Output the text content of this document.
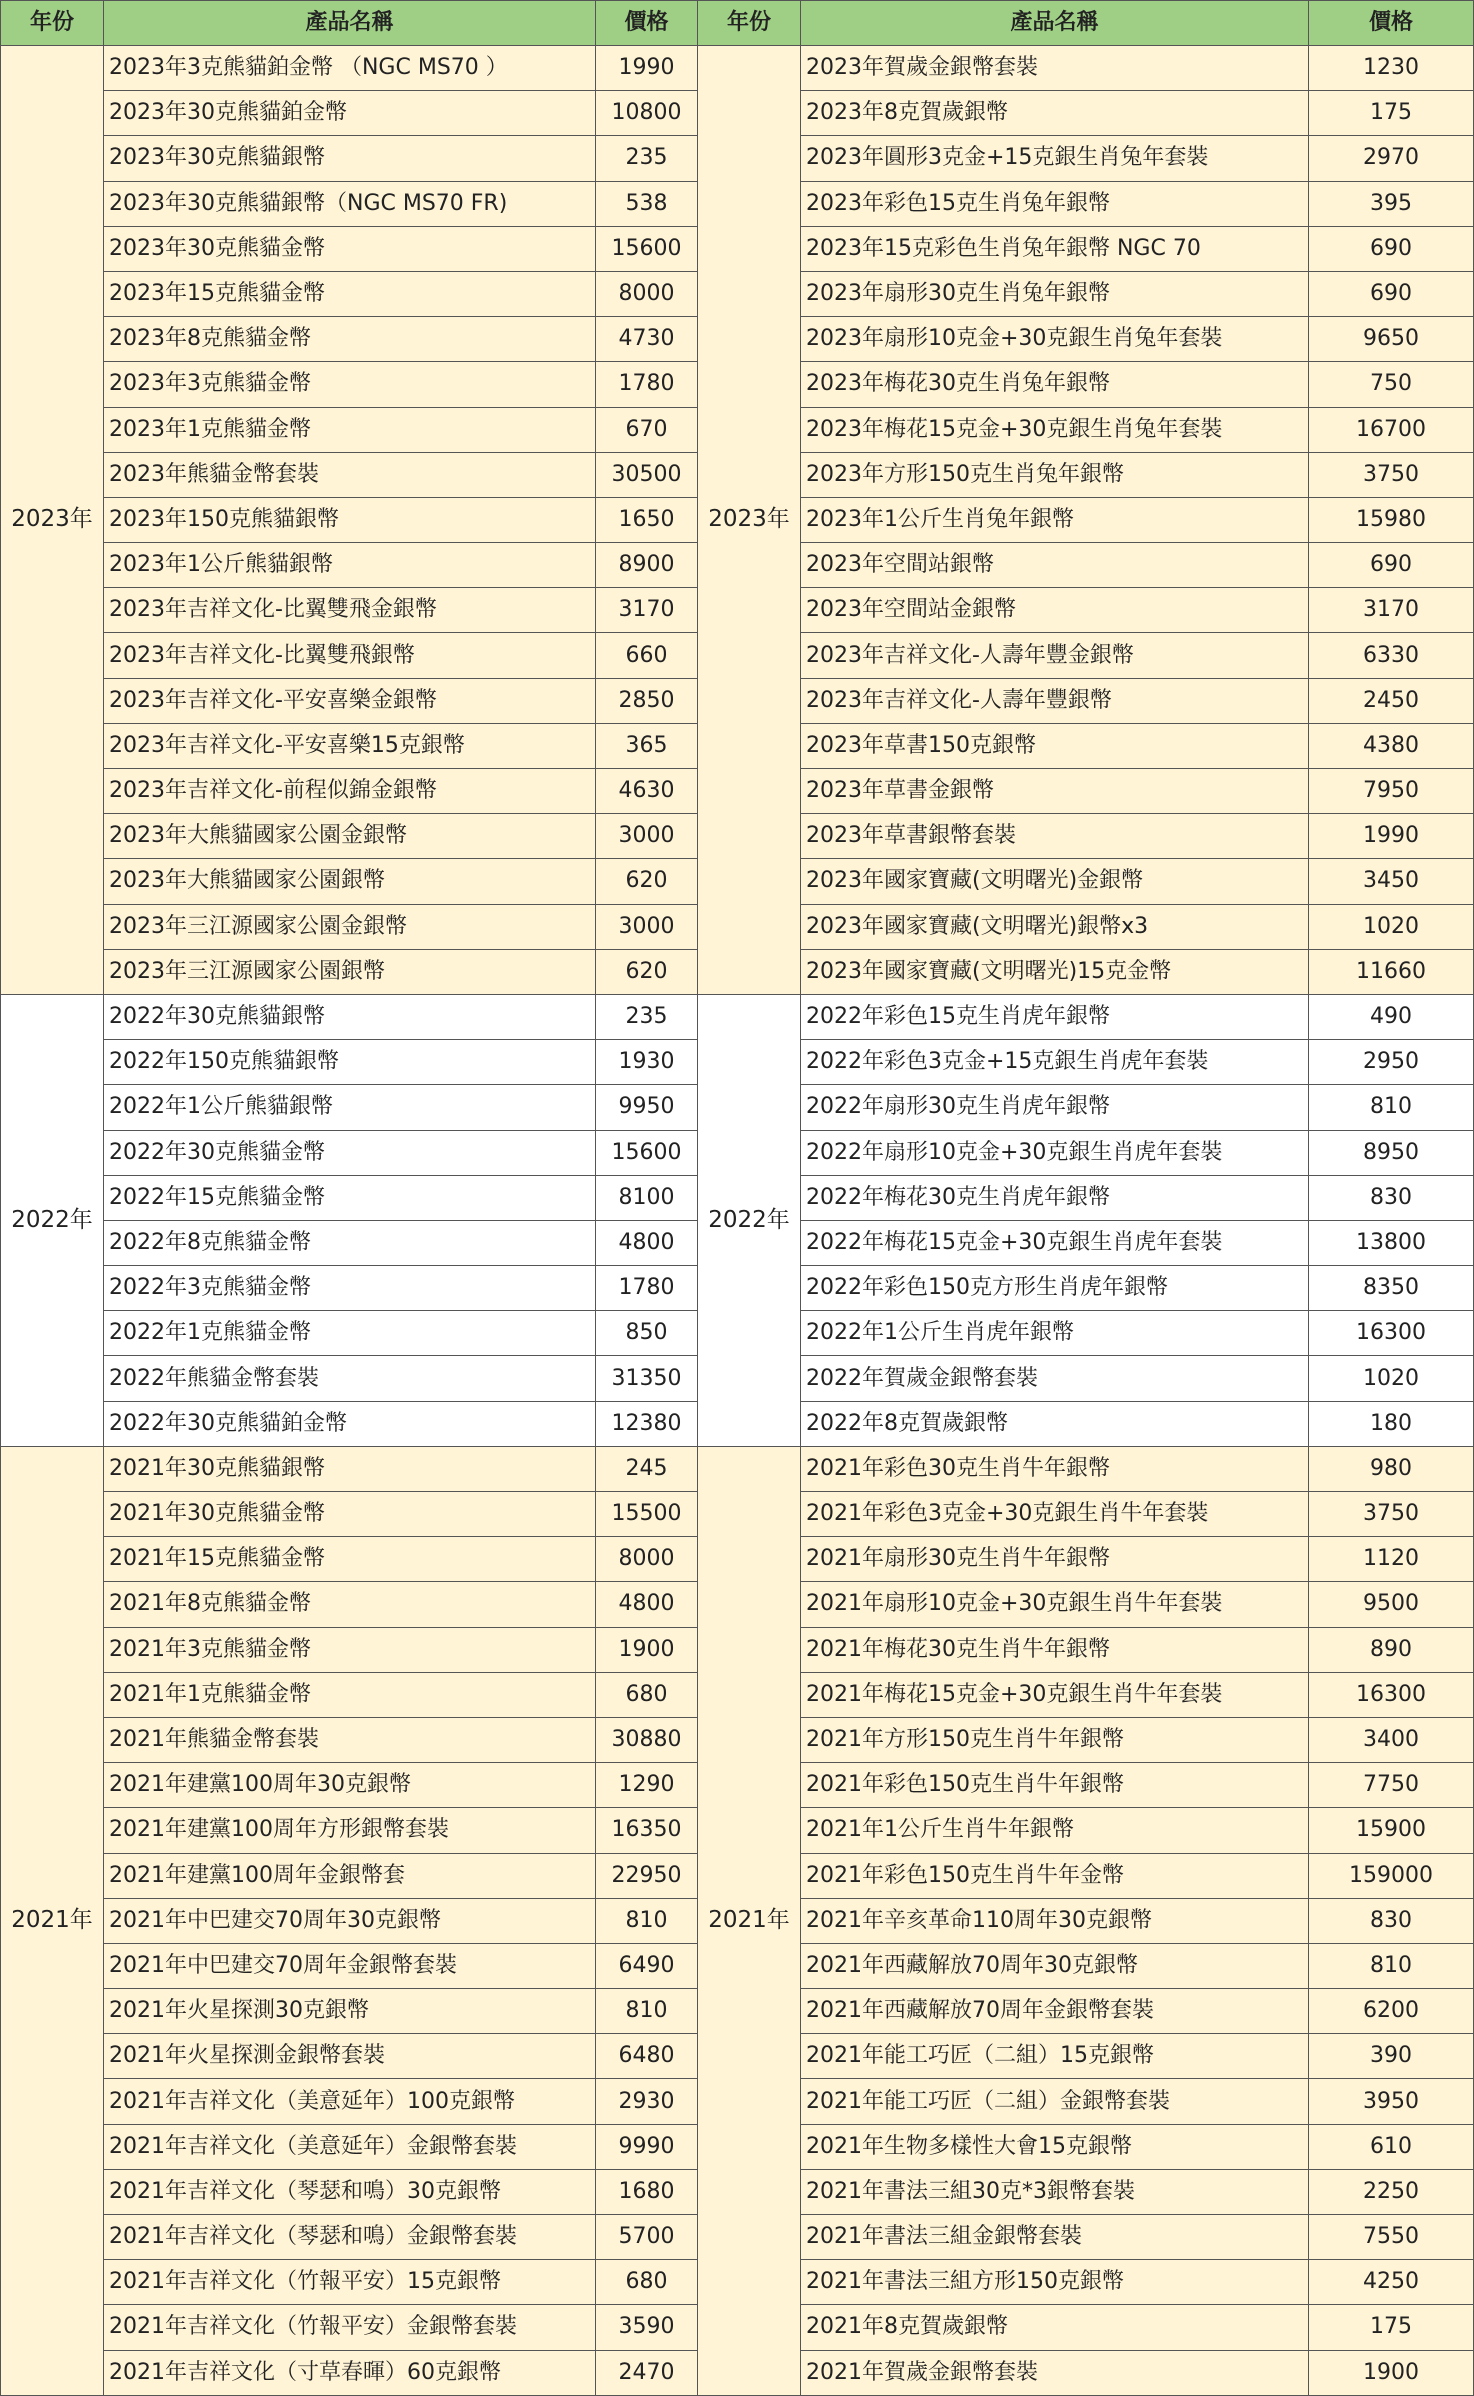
年份	產品名稱	價格	年份	產品名稱	價格
2023年	2023年3克熊貓鉑金幣 （NGC MS70 ）	1990	2023年	2023年賀歲金銀幣套裝	1230
	2023年30克熊貓鉑金幣	10800		2023年8克賀歲銀幣	175
	2023年30克熊貓銀幣	235		2023年圓形3克金+15克銀生肖兔年套裝	2970
	2023年30克熊貓銀幣（NGC MS70 FR)	538		2023年彩色15克生肖兔年銀幣	395
	2023年30克熊貓金幣	15600		2023年15克彩色生肖兔年銀幣 NGC 70	690
	2023年15克熊貓金幣	8000		2023年扇形30克生肖兔年銀幣	690
	2023年8克熊貓金幣	4730		2023年扇形10克金+30克銀生肖兔年套裝	9650
	2023年3克熊貓金幣	1780		2023年梅花30克生肖兔年銀幣	750
	2023年1克熊貓金幣	670		2023年梅花15克金+30克銀生肖兔年套裝	16700
	2023年熊貓金幣套裝	30500		2023年方形150克生肖兔年銀幣	3750
	2023年150克熊貓銀幣	1650		2023年1公斤生肖兔年銀幣	15980
	2023年1公斤熊貓銀幣	8900		2023年空間站銀幣	690
	2023年吉祥文化-比翼雙飛金銀幣	3170		2023年空間站金銀幣	3170
	2023年吉祥文化-比翼雙飛銀幣	660		2023年吉祥文化-人壽年豐金銀幣	6330
	2023年吉祥文化-平安喜樂金銀幣	2850		2023年吉祥文化-人壽年豐銀幣	2450
	2023年吉祥文化-平安喜樂15克銀幣	365		2023年草書150克銀幣	4380
	2023年吉祥文化-前程似錦金銀幣	4630		2023年草書金銀幣	7950
	2023年大熊貓國家公園金銀幣	3000		2023年草書銀幣套裝	1990
	2023年大熊貓國家公園銀幣	620		2023年國家寶藏(文明曙光)金銀幣	3450
	2023年三江源國家公園金銀幣	3000		2023年國家寶藏(文明曙光)銀幣x3	1020
	2023年三江源國家公園銀幣	620		2023年國家寶藏(文明曙光)15克金幣	11660
2022年	2022年30克熊貓銀幣	235	2022年	2022年彩色15克生肖虎年銀幣	490
	2022年150克熊貓銀幣	1930		2022年彩色3克金+15克銀生肖虎年套裝	2950
	2022年1公斤熊貓銀幣	9950		2022年扇形30克生肖虎年銀幣	810
	2022年30克熊貓金幣	15600		2022年扇形10克金+30克銀生肖虎年套裝	8950
	2022年15克熊貓金幣	8100		2022年梅花30克生肖虎年銀幣	830
	2022年8克熊貓金幣	4800		2022年梅花15克金+30克銀生肖虎年套裝	13800
	2022年3克熊貓金幣	1780		2022年彩色150克方形生肖虎年銀幣	8350
	2022年1克熊貓金幣	850		2022年1公斤生肖虎年銀幣	16300
	2022年熊貓金幣套裝	31350		2022年賀歲金銀幣套裝	1020
	2022年30克熊貓鉑金幣	12380		2022年8克賀歲銀幣	180
2021年	2021年30克熊貓銀幣	245	2021年	2021年彩色30克生肖牛年銀幣	980
	2021年30克熊貓金幣	15500		2021年彩色3克金+30克銀生肖牛年套裝	3750
	2021年15克熊貓金幣	8000		2021年扇形30克生肖牛年銀幣	1120
	2021年8克熊貓金幣	4800		2021年扇形10克金+30克銀生肖牛年套裝	9500
	2021年3克熊貓金幣	1900		2021年梅花30克生肖牛年銀幣	890
	2021年1克熊貓金幣	680		2021年梅花15克金+30克銀生肖牛年套裝	16300
	2021年熊貓金幣套裝	30880		2021年方形150克生肖牛年銀幣	3400
	2021年建黨100周年30克銀幣	1290		2021年彩色150克生肖牛年銀幣	7750
	2021年建黨100周年方形銀幣套裝	16350		2021年1公斤生肖牛年銀幣	15900
	2021年建黨100周年金銀幣套	22950		2021年彩色150克生肖牛年金幣	159000
	2021年中巴建交70周年30克銀幣	810		2021年辛亥革命110周年30克銀幣	830
	2021年中巴建交70周年金銀幣套裝	6490		2021年西藏解放70周年30克銀幣	810
	2021年火星探測30克銀幣	810		2021年西藏解放70周年金銀幣套裝	6200
	2021年火星探測金銀幣套裝	6480		2021年能工巧匠（二組）15克銀幣	390
	2021年吉祥文化（美意延年）100克銀幣	2930		2021年能工巧匠（二組）金銀幣套裝	3950
	2021年吉祥文化（美意延年）金銀幣套裝	9990		2021年生物多樣性大會15克銀幣	610
	2021年吉祥文化（琴瑟和鳴）30克銀幣	1680		2021年書法三組30克*3銀幣套裝	2250
	2021年吉祥文化（琴瑟和鳴）金銀幣套裝	5700		2021年書法三組金銀幣套裝	7550
	2021年吉祥文化（竹報平安）15克銀幣	680		2021年書法三組方形150克銀幣	4250
	2021年吉祥文化（竹報平安）金銀幣套裝	3590		2021年8克賀歲銀幣	175
	2021年吉祥文化（寸草春暉）60克銀幣	2470		2021年賀歲金銀幣套裝	1900
